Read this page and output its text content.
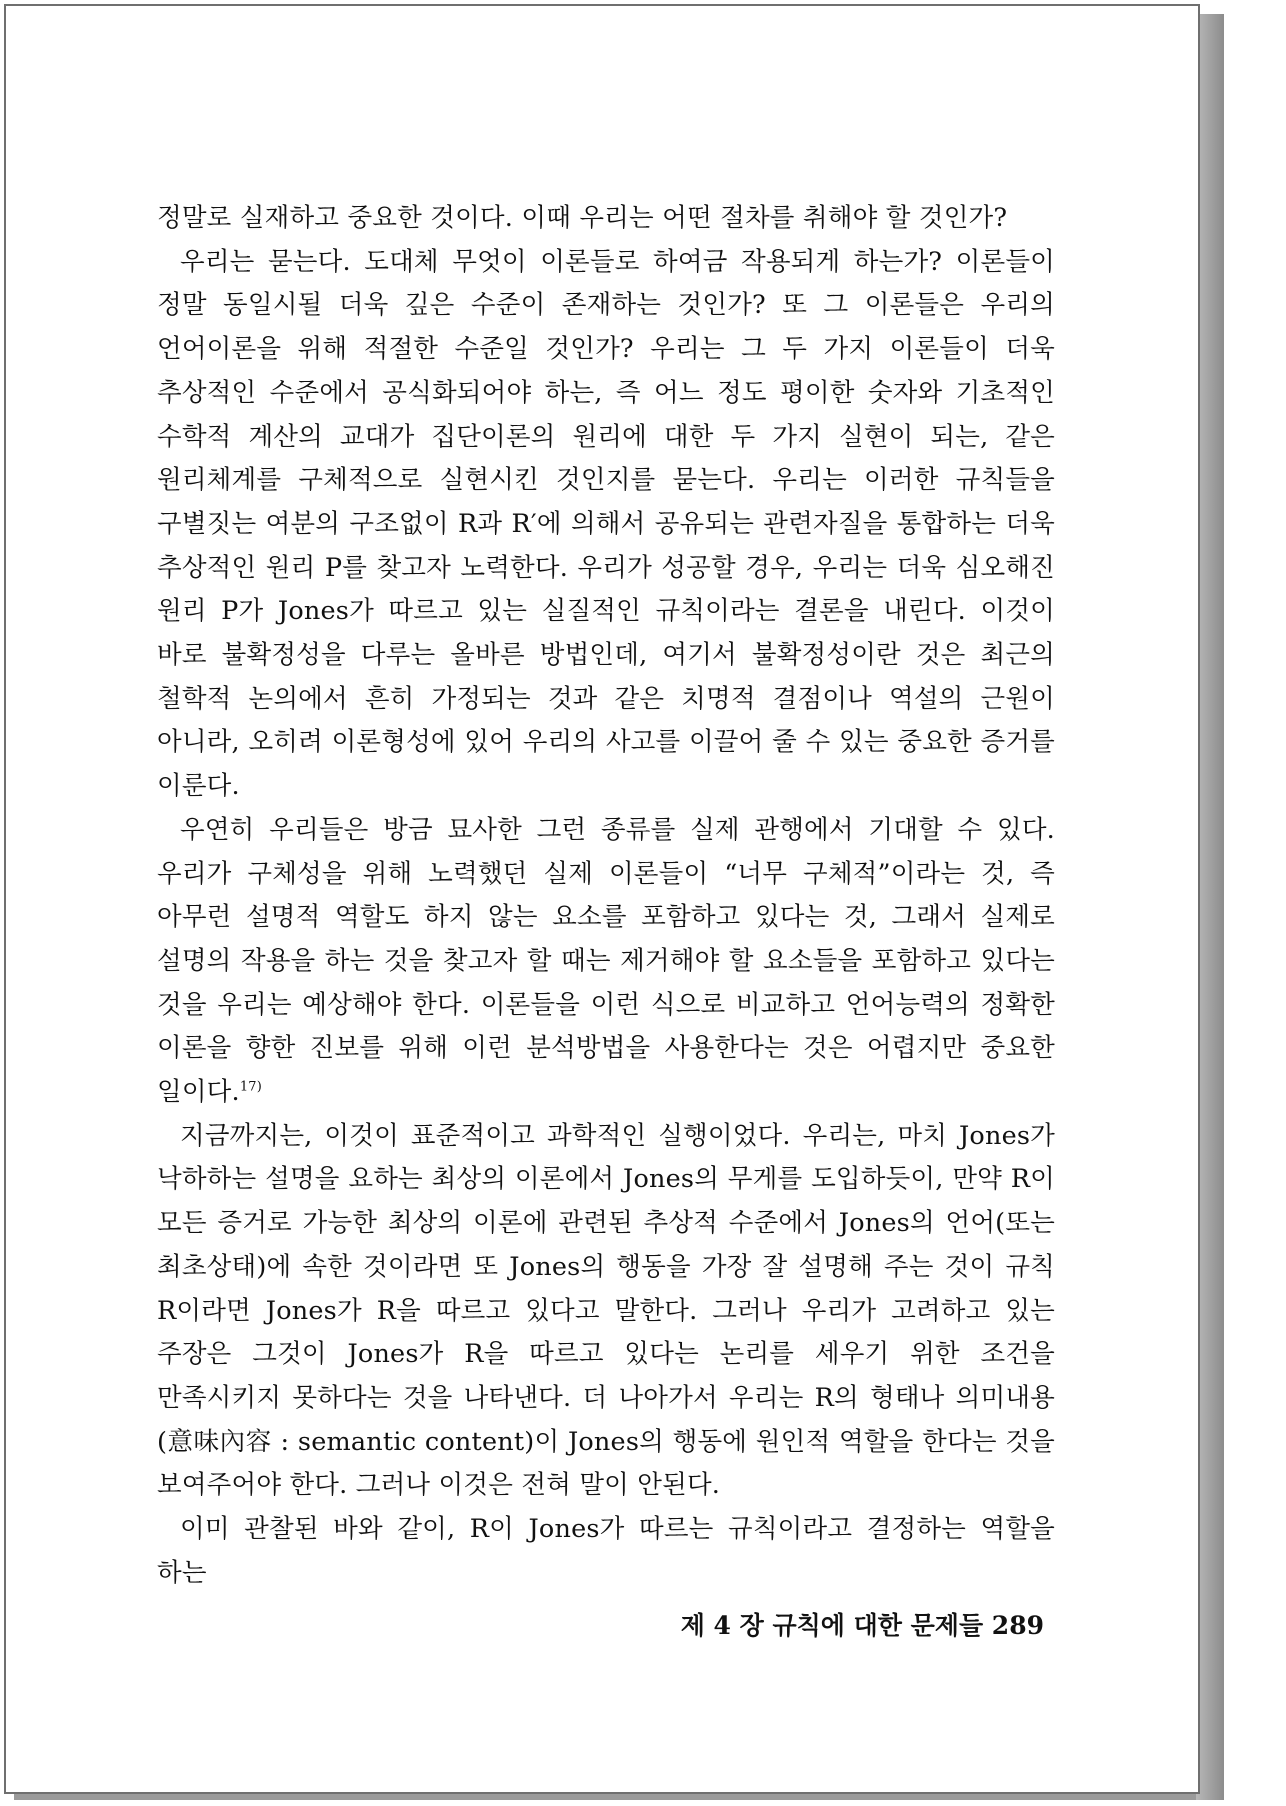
정말로 실재하고 중요한 것이다. 이때 우리는 어떤 절차를 취해야 할 것인가?

우리는 묻는다. 도대체 무엇이 이론들로 하여금 작용되게 하는가? 이론들이 정말 동일시될 더욱 깊은 수준이 존재하는 것인가? 또 그 이론들은 우리의 언어이론을 위해 적절한 수준일 것인가? 우리는 그 두 가지 이론들이 더욱 추상적인 수준에서 공식화되어야 하는, 즉 어느 정도 평이한 숫자와 기초적인 수학적 계산의 교대가 집단이론의 원리에 대한 두 가지 실현이 되는, 같은 원리체계를 구체적으로 실현시킨 것인지를 묻는다. 우리는 이러한 규칙들을 구별짓는 여분의 구조없이 R과 R′에 의해서 공유되는 관련자질을 통합하는 더욱 추상적인 원리 P를 찾고자 노력한다. 우리가 성공할 경우, 우리는 더욱 심오해진 원리 P가 Jones가 따르고 있는 실질적인 규칙이라는 결론을 내린다. 이것이 바로 불확정성을 다루는 올바른 방법인데, 여기서 불확정성이란 것은 최근의 철학적 논의에서 흔히 가정되는 것과 같은 치명적 결점이나 역설의 근원이 아니라, 오히려 이론형성에 있어 우리의 사고를 이끌어 줄 수 있는 중요한 증거를 이룬다.

우연히 우리들은 방금 묘사한 그런 종류를 실제 관행에서 기대할 수 있다. 우리가 구체성을 위해 노력했던 실제 이론들이 “너무 구체적”이라는 것, 즉 아무런 설명적 역할도 하지 않는 요소를 포함하고 있다는 것, 그래서 실제로 설명의 작용을 하는 것을 찾고자 할 때는 제거해야 할 요소들을 포함하고 있다는 것을 우리는 예상해야 한다. 이론들을 이런 식으로 비교하고 언어능력의 정확한 이론을 향한 진보를 위해 이런 분석방법을 사용한다는 것은 어렵지만 중요한 일이다.$^{17)}$

지금까지는, 이것이 표준적이고 과학적인 실행이었다. 우리는, 마치 Jones가 낙하하는 설명을 요하는 최상의 이론에서 Jones의 무게를 도입하듯이, 만약 R이 모든 증거로 가능한 최상의 이론에 관련된 추상적 수준에서 Jones의 언어(또는 최초상태)에 속한 것이라면 또 Jones의 행동을 가장 잘 설명해 주는 것이 규칙 R이라면 Jones가 R을 따르고 있다고 말한다. 그러나 우리가 고려하고 있는 주장은 그것이 Jones가 R을 따르고 있다는 논리를 세우기 위한 조건을 만족시키지 못하다는 것을 나타낸다. 더 나아가서 우리는 R의 형태나 의미내용(意味內容 : semantic content)이 Jones의 행동에 원인적 역할을 한다는 것을 보여주어야 한다. 그러나 이것은 전혀 말이 안된다.

이미 관찰된 바와 같이, R이 Jones가 따르는 규칙이라고 결정하는 역할을 하는

제 4 장 규칙에 대한 문제들 289
